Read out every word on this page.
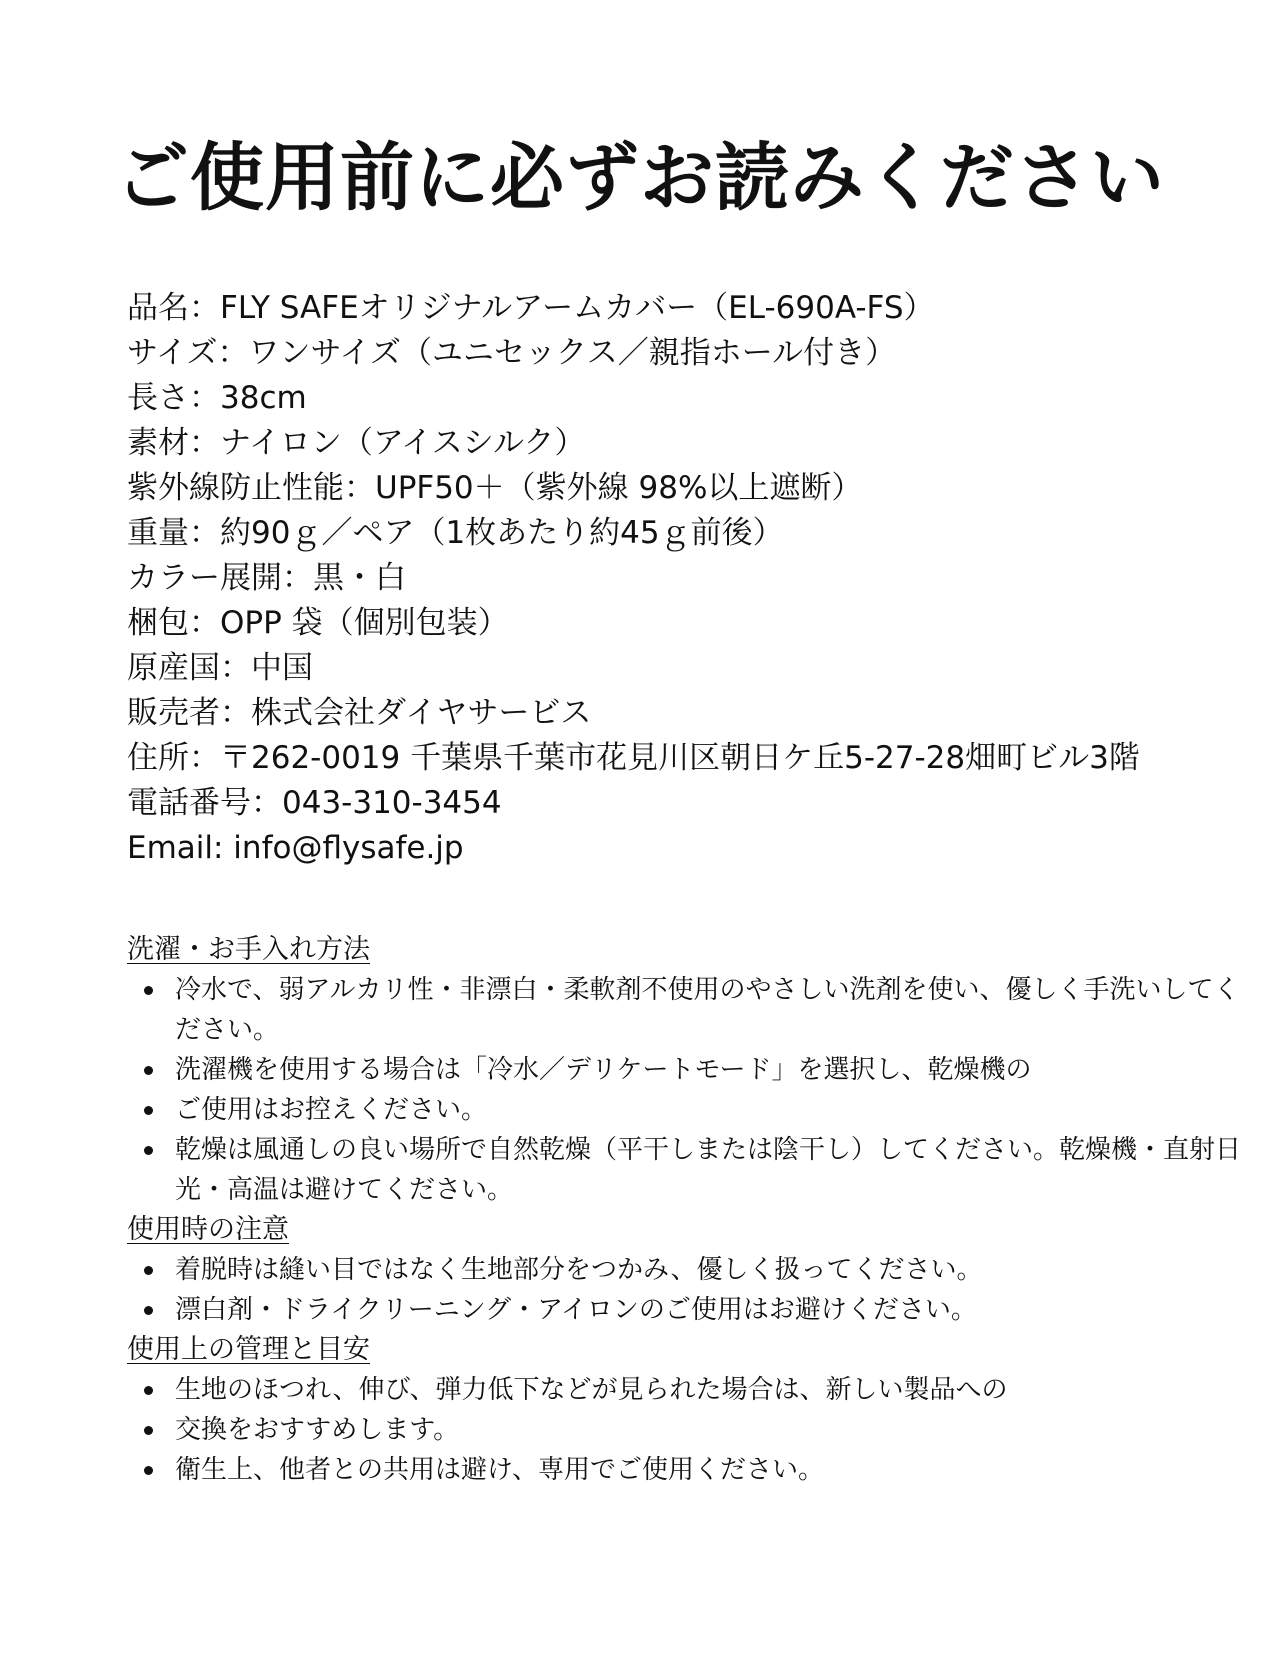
ご使用前に必ずお読みください
品名：FLY SAFEオリジナルアームカバー（EL-690A-FS）
サイズ：ワンサイズ（ユニセックス／親指ホール付き）
長さ：38cm
素材：ナイロン（アイスシルク）
紫外線防止性能：UPF50＋（紫外線 98%以上遮断）
重量：約90ｇ／ペア（1枚あたり約45ｇ前後）
カラー展開：黒・白
梱包：OPP 袋（個別包装）
原産国：中国
販売者：株式会社ダイヤサービス
住所：〒262-0019 千葉県千葉市花見川区朝日ケ丘5-27-28畑町ビル3階
電話番号：043-310-3454
Email: info@flysafe.jp
洗濯・お手入れ方法
冷水で、弱アルカリ性・非漂白・柔軟剤不使用のやさしい洗剤を使い、優しく手洗いしてください。
洗濯機を使用する場合は「冷水／デリケートモード」を選択し、乾燥機の
ご使用はお控えください。
乾燥は風通しの良い場所で自然乾燥（平干しまたは陰干し）してください。乾燥機・直射日光・高温は避けてください。
使用時の注意
着脱時は縫い目ではなく生地部分をつかみ、優しく扱ってください。
漂白剤・ドライクリーニング・アイロンのご使用はお避けください。
使用上の管理と目安
生地のほつれ、伸び、弾力低下などが見られた場合は、新しい製品への
交換をおすすめします。
衛生上、他者との共用は避け、専用でご使用ください。
